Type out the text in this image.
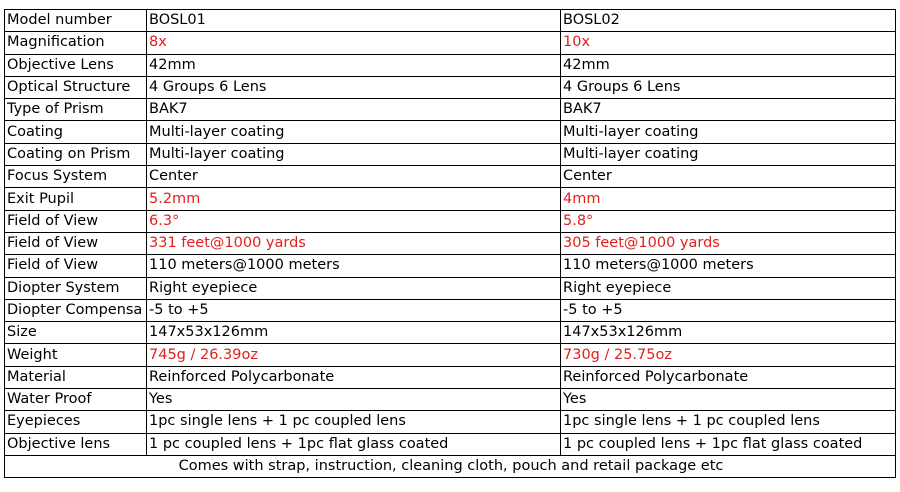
Model number	BOSL01	BOSL02
Magnification	8x	10x
Objective Lens	42mm	42mm
Optical Structure	4 Groups 6 Lens	4 Groups 6 Lens
Type of Prism	BAK7	BAK7
Coating	Multi-layer coating	Multi-layer coating
Coating on Prism	Multi-layer coating	Multi-layer coating
Focus System	Center	Center
Exit Pupil	5.2mm	4mm
Field of View	6.3°	5.8°
Field of View	331 feet@1000 yards	305 feet@1000 yards
Field of View	110 meters@1000 meters	110 meters@1000 meters
Diopter System	Right eyepiece	Right eyepiece
Diopter Compensa	-5 to +5	-5 to +5
Size	147x53x126mm	147x53x126mm
Weight	745g / 26.39oz	730g / 25.75oz
Material	Reinforced Polycarbonate	Reinforced Polycarbonate
Water Proof	Yes	Yes
Eyepieces	1pc single lens + 1 pc coupled lens	1pc single lens + 1 pc coupled lens
Objective lens	1 pc coupled lens + 1pc flat glass coated	1 pc coupled lens + 1pc flat glass coated
Comes with strap, instruction, cleaning cloth, pouch and retail package etc		
